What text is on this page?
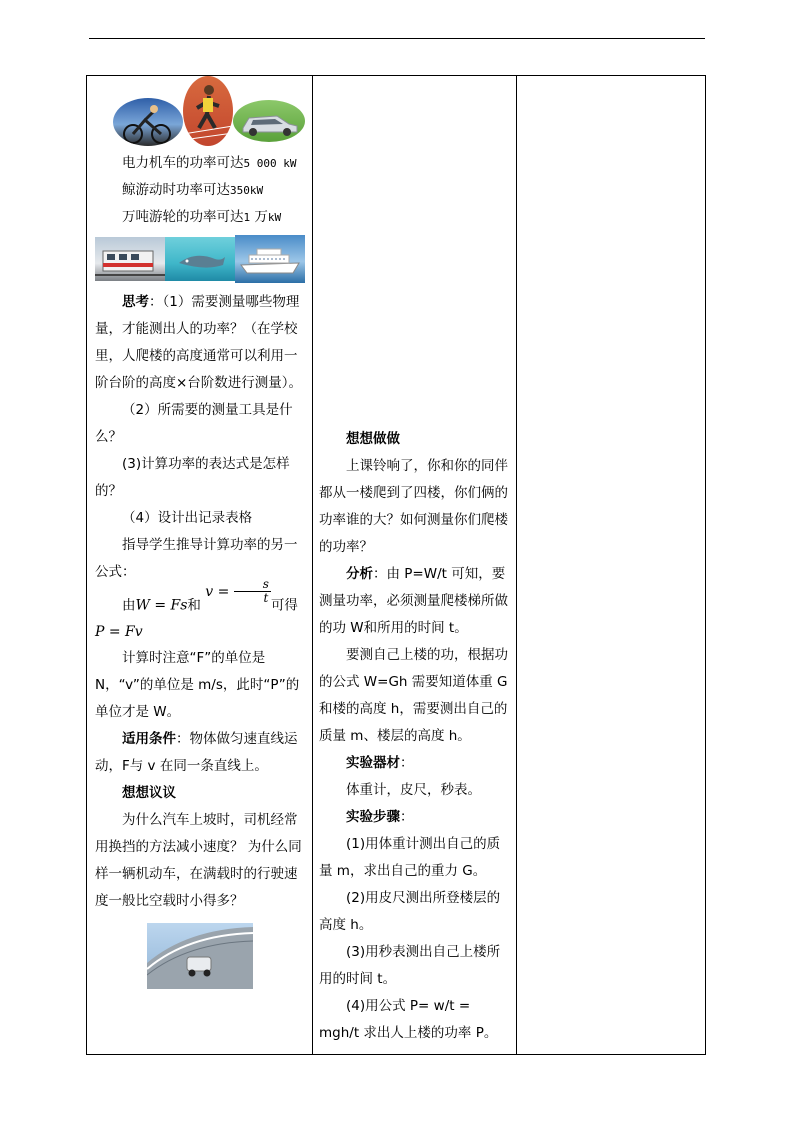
电力机车的功率可达5 000 kW

鲸游动时功率可达350kW

万吨游轮的功率可达1 万kW

思考：（1）需要测量哪些物理量，才能测出人的功率？（在学校里，人爬楼的高度通常可以利用一阶台阶的高度×台阶数进行测量）。

（2）所需要的测量工具是什么？

(3)计算功率的表达式是怎样的？

（4）设计出记录表格

指导学生推导计算功率的另一公式：

由W = Fs和 $v = \frac{s}{t}$
可得

P = Fv

计算时注意“F”的单位是 N，“v”的单位是 m/s，此时“P”的单位才是 W。

适用条件：物体做匀速直线运动，F与 v 在同一条直线上。

想想议议

为什么汽车上坡时，司机经常用换挡的方法减小速度？ 为什么同样一辆机动车，在满载时的行驶速度一般比空载时小得多？

想想做做

上课铃响了，你和你的同伴都从一楼爬到了四楼，你们俩的功率谁的大？如何测量你们爬楼的功率？

分析：由 P=W/t 可知，要测量功率，必须测量爬楼梯所做的功 W和所用的时间 t。

要测自己上楼的功，根据功的公式 W=Gh 需要知道体重 G 和楼的高度 h，需要测出自己的质量 m、楼层的高度 h。

实验器材：

体重计，皮尺，秒表。

实验步骤：

(1)用体重计测出自己的质量 m，求出自己的重力 G。

(2)用皮尺测出所登楼层的高度 h。

(3)用秒表测出自己上楼所用的时间 t。

(4)用公式 P= w/t = mgh/t 求出人上楼的功率 P。
